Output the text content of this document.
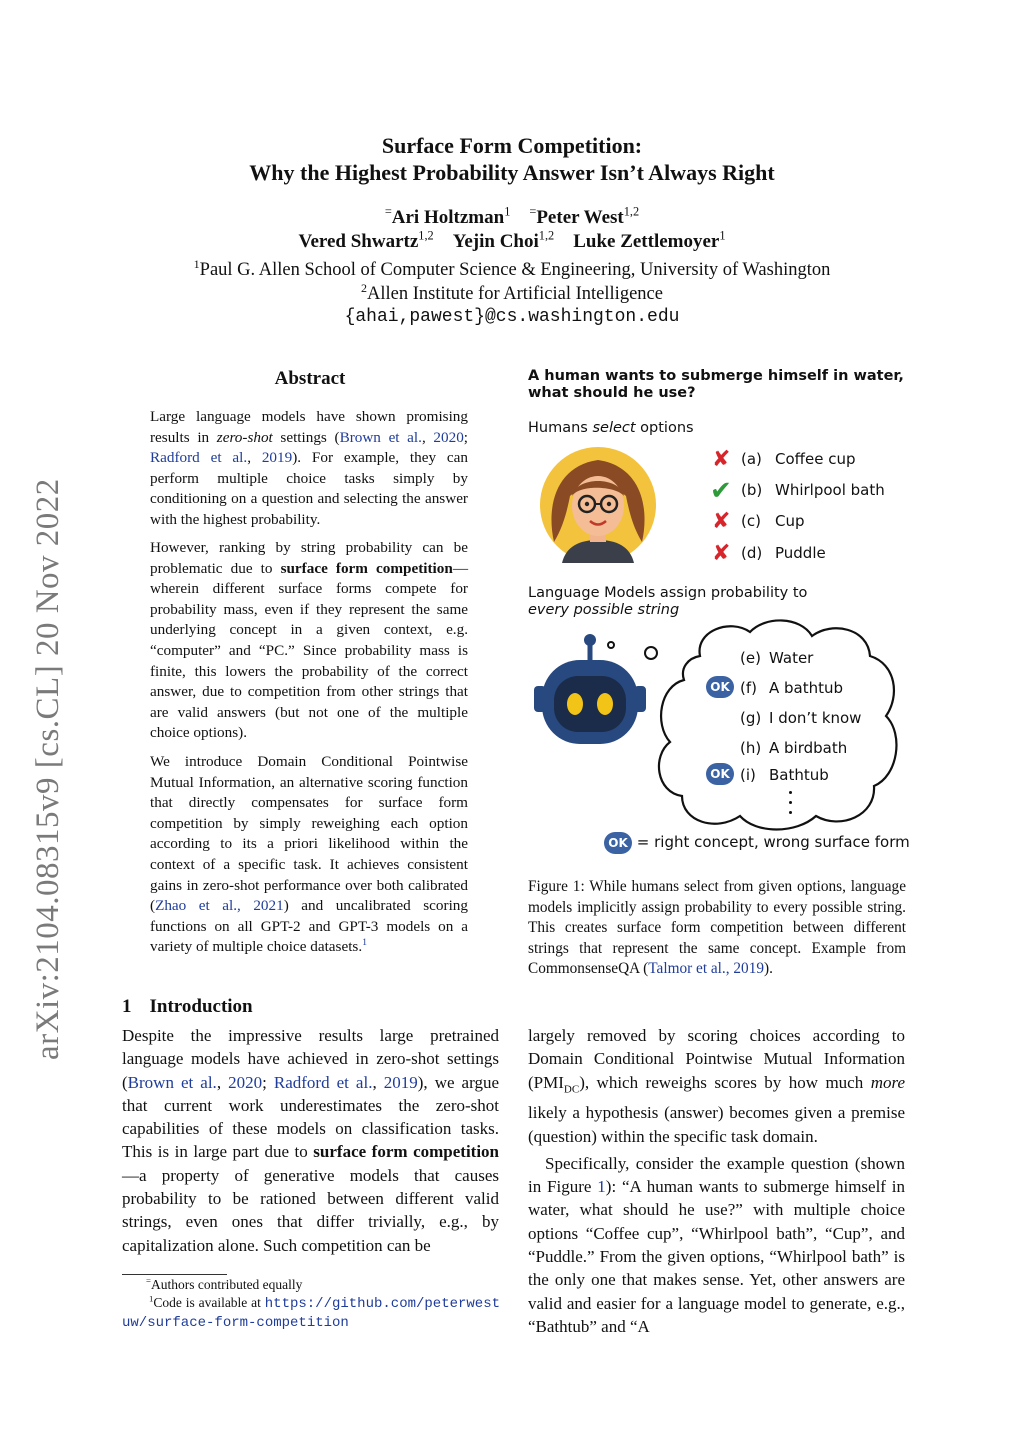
arXiv:2104.08315v9 [cs.CL] 20 Nov 2022
Surface Form Competition:
Why the Highest Probability Answer Isn’t Always Right
=Ari Holtzman$^1$ =Peter West$^{1,2}$
Vered Shwartz$^{1,2}$ Yejin Choi$^{1,2}$ Luke Zettlemoyer$^1$
$^1$Paul G. Allen School of Computer Science & Engineering, University of Washington
$^2$Allen Institute for Artificial Intelligence
{ahai,pawest}@cs.washington.edu
Abstract
Large language models have shown promising results in zero-shot settings (Brown et al., 2020; Radford et al., 2019). For example, they can perform multiple choice tasks simply by conditioning on a question and selecting the answer with the highest probability.
However, ranking by string probability can be problematic due to surface form competition—wherein different surface forms compete for probability mass, even if they represent the same underlying concept in a given context, e.g. “computer” and “PC.” Since probability mass is finite, this lowers the probability of the correct answer, due to competition from other strings that are valid answers (but not one of the multiple choice options).
We introduce Domain Conditional Pointwise Mutual Information, an alternative scoring function that directly compensates for surface form competition by simply reweighing each option according to its a priori likelihood within the context of a specific task. It achieves consistent gains in zero-shot performance over both calibrated (Zhao et al., 2021) and uncalibrated scoring functions on all GPT-2 and GPT-3 models on a variety of multiple choice datasets.$^1$
1 Introduction
Despite the impressive results large pretrained language models have achieved in zero-shot settings (Brown et al., 2020; Radford et al., 2019), we argue that current work underestimates the zero-shot capabilities of these models on classification tasks. This is in large part due to surface form competition—a property of generative models that causes probability to be rationed between different valid strings, even ones that differ trivially, e.g., by capitalization alone. Such competition can be
=Authors contributed equally
$^1$Code is available at https://github.com/peterwestuw/surface-form-competition
A human wants to submerge himself in water, what should he use?
Humans select options
✘ (a) Coffee cup
✔ (b) Whirlpool bath
✘ (c) Cup
✘ (d) Puddle
Language Models assign probability to
every possible string
(e) Water
OK (f) A bathtub
(g) I don’t know
(h) A birdbath
OK (i) Bathtub
OK = right concept, wrong surface form
Figure 1: While humans select from given options, language models implicitly assign probability to every possible string. This creates surface form competition between different strings that represent the same concept. Example from CommonsenseQA (Talmor et al., 2019).

largely removed by scoring choices according to Domain Conditional Pointwise Mutual Information $(PMI_{DC})$, which reweighs scores by how much more likely a hypothesis (answer) becomes given a premise (question) within the specific task domain.

Specifically, consider the example question (shown in Figure 1): “A human wants to submerge himself in water, what should he use?” with multiple choice options “Coffee cup”, “Whirlpool bath”, “Cup”, and “Puddle.” From the given options, “Whirlpool bath” is the only one that makes sense. Yet, other answers are valid and easier for a language model to generate, e.g., “Bathtub” and “A
